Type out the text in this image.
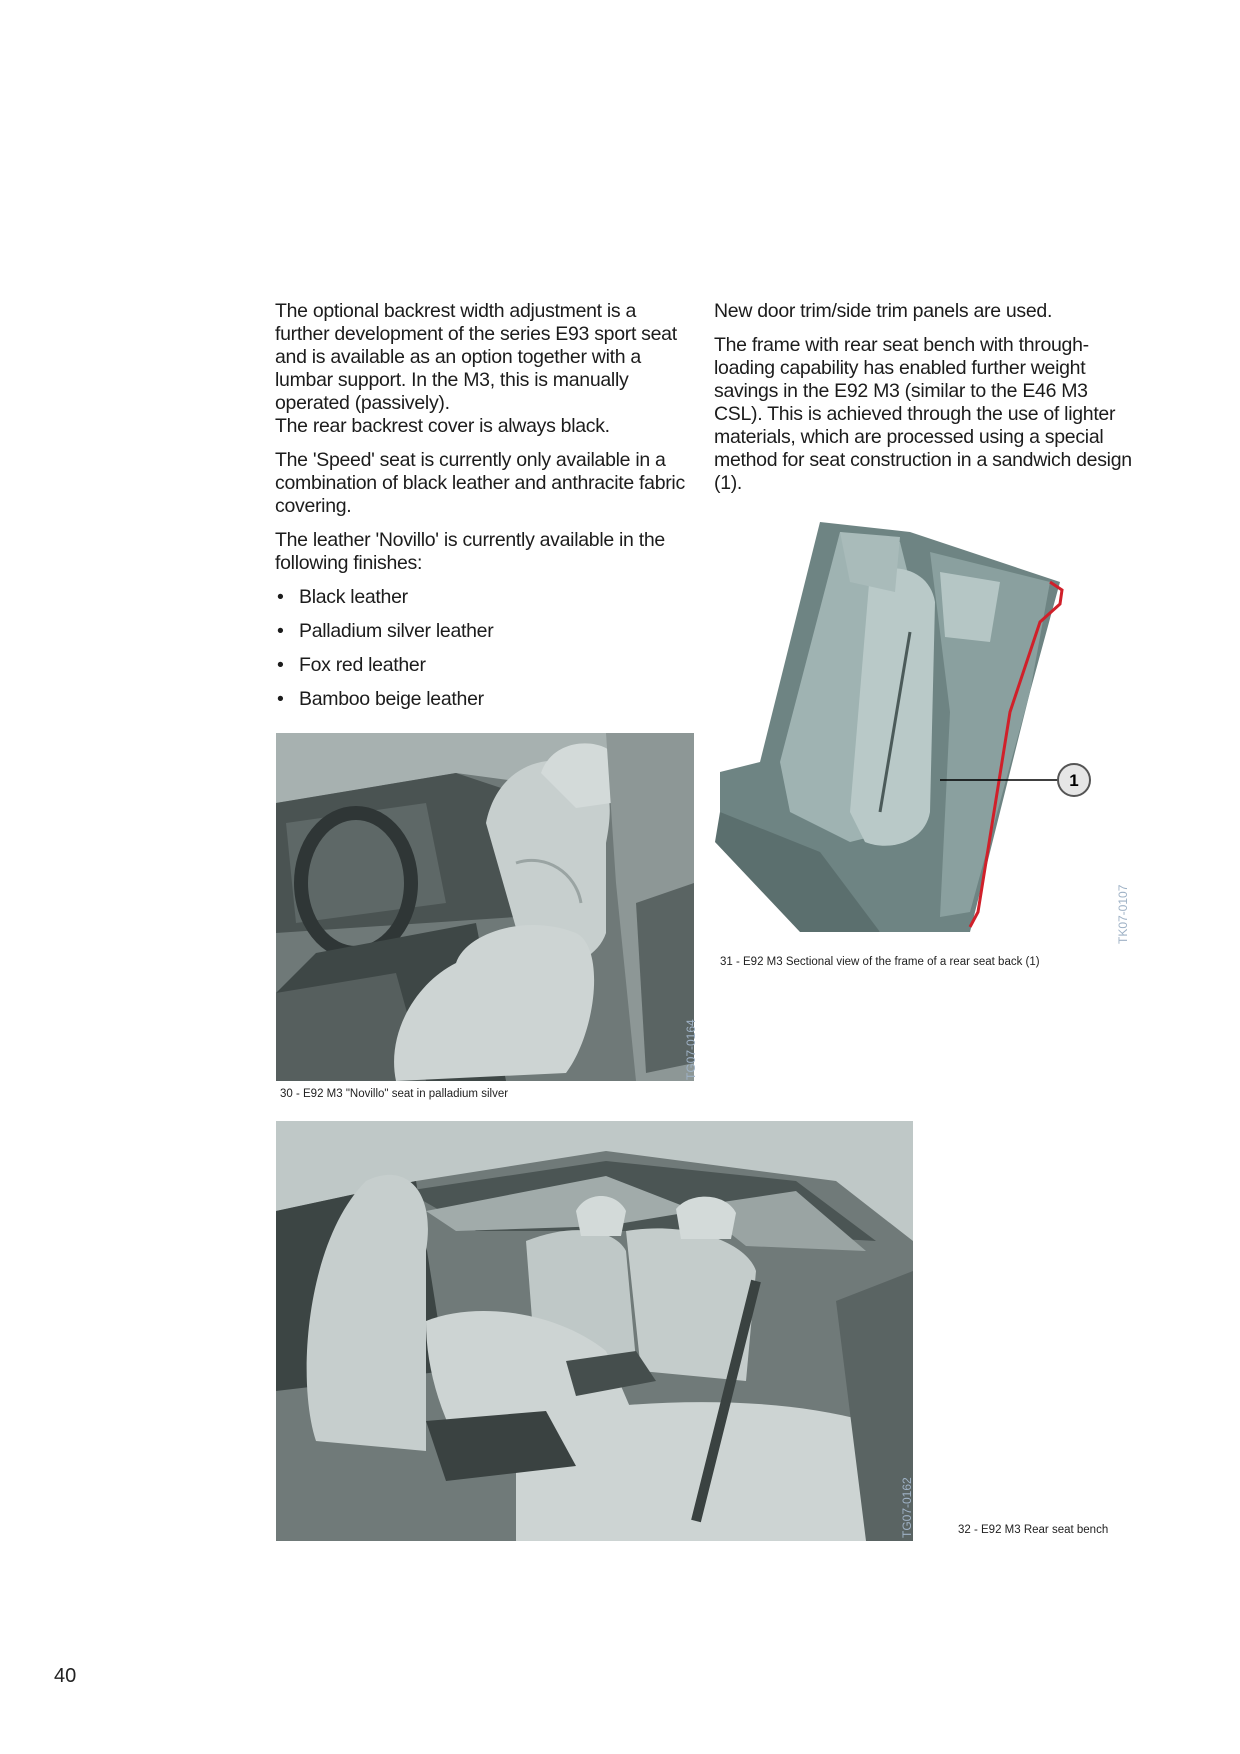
The optional backrest width adjustment is a further development of the series E93 sport seat and is available as an option together with a lumbar support. In the M3, this is manually operated (passively).
The rear backrest cover is always black.

The 'Speed' seat is currently only available in a combination of black leather and anthracite fabric covering.

The leather 'Novillo' is currently available in the following finishes:

• Black leather
• Palladium silver leather
• Fox red leather
• Bamboo beige leather

New door trim/side trim panels are used.

The frame with rear seat bench with through-loading capability has enabled further weight savings in the E92 M3 (similar to the E46 M3 CSL). This is achieved through the use of lighter materials, which are processed using a special method for seat construction in a sandwich design (1).

TG07-0164
30 - E92 M3 "Novillo" seat in palladium silver
1
TK07-0107
31 - E92 M3 Sectional view of the frame of a rear seat back (1)
TG07-0162	32 - E92 M3 Rear seat bench
40
